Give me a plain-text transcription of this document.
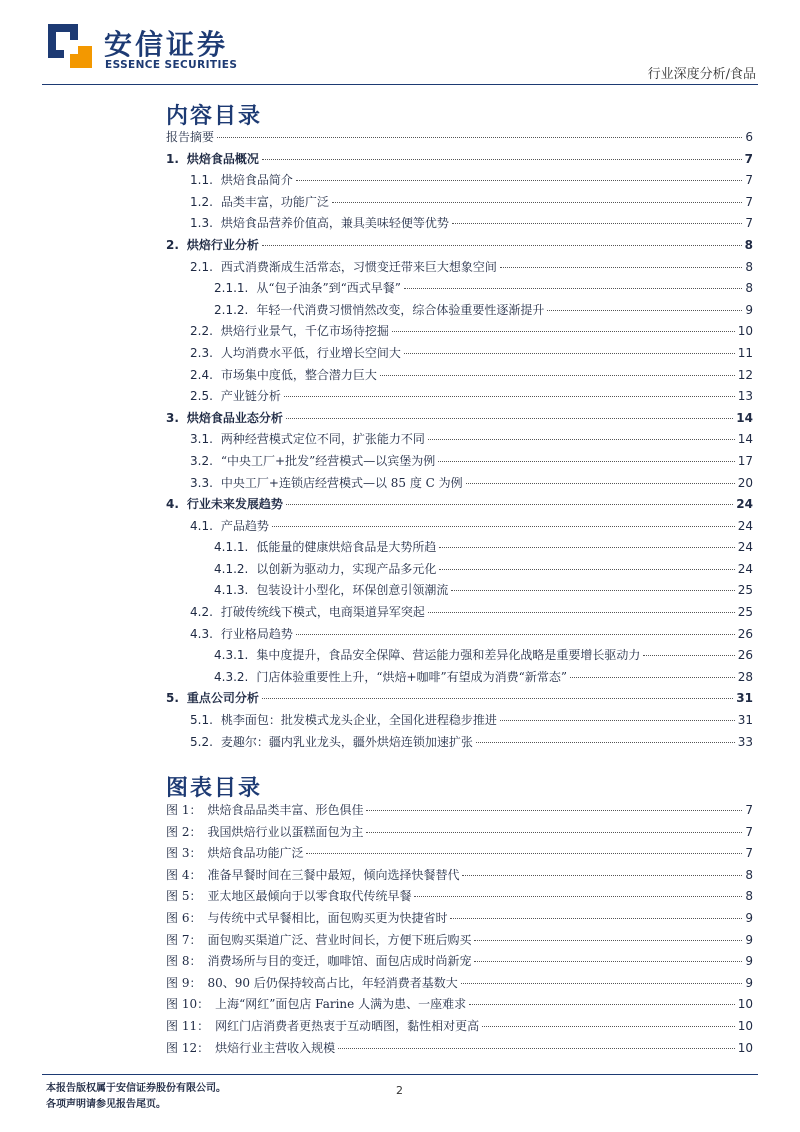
安信证券
ESSENCE SECURITIES
行业深度分析/食品
内容目录
报告摘要	6
1. 烘焙食品概况	7
1.1. 烘焙食品简介	7
1.2. 品类丰富，功能广泛	7
1.3. 烘焙食品营养价值高，兼具美味轻便等优势	7
2. 烘焙行业分析	8
2.1. 西式消费渐成生活常态，习惯变迁带来巨大想象空间	8
2.1.1. 从“包子油条”到“西式早餐”	8
2.1.2. 年轻一代消费习惯悄然改变，综合体验重要性逐渐提升	9
2.2. 烘焙行业景气，千亿市场待挖掘	10
2.3. 人均消费水平低，行业增长空间大	11
2.4. 市场集中度低，整合潜力巨大	12
2.5. 产业链分析	13
3. 烘焙食品业态分析	14
3.1. 两种经营模式定位不同，扩张能力不同	14
3.2. “中央工厂+批发”经营模式—以宾堡为例	17
3.3. 中央工厂+连锁店经营模式—以 85 度 C 为例	20
4. 行业未来发展趋势	24
4.1. 产品趋势	24
4.1.1. 低能量的健康烘焙食品是大势所趋	24
4.1.2. 以创新为驱动力，实现产品多元化	24
4.1.3. 包装设计小型化，环保创意引领潮流	25
4.2. 打破传统线下模式，电商渠道异军突起	25
4.3. 行业格局趋势	26
4.3.1. 集中度提升，食品安全保障、营运能力强和差异化战略是重要增长驱动力	26
4.3.2. 门店体验重要性上升，“烘焙+咖啡”有望成为消费“新常态”	28
5. 重点公司分析	31
5.1. 桃李面包：批发模式龙头企业，全国化进程稳步推进	31
5.2. 麦趣尔：疆内乳业龙头，疆外烘焙连锁加速扩张	33
图表目录
图 1： 烘焙食品品类丰富、形色俱佳	7
图 2： 我国烘焙行业以蛋糕面包为主	7
图 3： 烘焙食品功能广泛	7
图 4： 准备早餐时间在三餐中最短，倾向选择快餐替代	8
图 5： 亚太地区最倾向于以零食取代传统早餐	8
图 6： 与传统中式早餐相比，面包购买更为快捷省时	9
图 7： 面包购买渠道广泛、营业时间长，方便下班后购买	9
图 8： 消费场所与目的变迁，咖啡馆、面包店成时尚新宠	9
图 9： 80、90 后仍保持较高占比，年轻消费者基数大	9
图 10： 上海“网红”面包店 Farine 人满为患、一座难求	10
图 11： 网红门店消费者更热衷于互动晒图，黏性相对更高	10
图 12： 烘焙行业主营收入规模	10
本报告版权属于安信证券股份有限公司。
各项声明请参见报告尾页。
2
